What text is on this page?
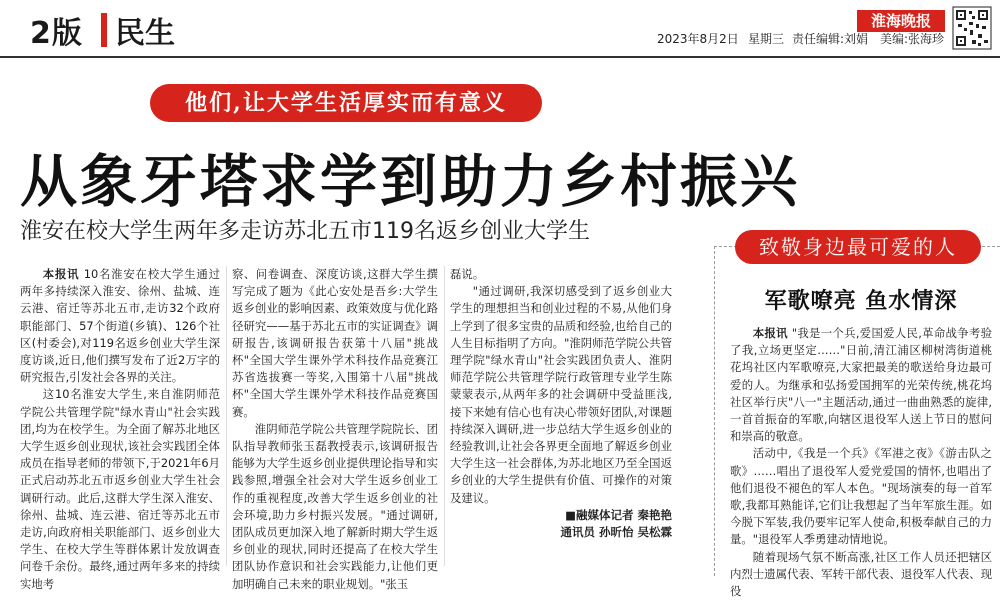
2版 民生	2023年8月2日 星期三 责任编辑:刘娟 美编:张海珍
淮海晚报
他们,让大学生活厚实而有意义
从象牙塔求学到助力乡村振兴
淮安在校大学生两年多走访苏北五市119名返乡创业大学生

本报讯 10名淮安在校大学生通过两年多持续深入淮安、徐州、盐城、连云港、宿迁等苏北五市,走访32个政府职能部门、57个街道(乡镇)、126个社区(村委会),对119名返乡创业大学生深度访谈,近日,他们撰写发布了近2万字的研究报告,引发社会各界的关注。

这10名淮安大学生,来自淮阴师范学院公共管理学院"绿水青山"社会实践团,均为在校学生。为全面了解苏北地区大学生返乡创业现状,该社会实践团全体成员在指导老师的带领下,于2021年6月正式启动苏北五市返乡创业大学生社会调研行动。此后,这群大学生深入淮安、徐州、盐城、连云港、宿迁等苏北五市走访,向政府相关职能部门、返乡创业大学生、在校大学生等群体累计发放调查问卷千余份。最终,通过两年多来的持续实地考

察、问卷调查、深度访谈,这群大学生撰写完成了题为《此心安处是吾乡:大学生返乡创业的影响因素、政策效度与优化路径研究——基于苏北五市的实证调查》调研报告,该调研报告获第十八届"挑战杯"全国大学生课外学术科技作品竞赛江苏省选拔赛一等奖,入围第十八届"挑战杯"全国大学生课外学术科技作品竞赛国赛。

淮阴师范学院公共管理学院院长、团队指导教师张玉磊教授表示,该调研报告能够为大学生返乡创业提供理论指导和实践参照,增强全社会对大学生返乡创业工作的重视程度,改善大学生返乡创业的社会环境,助力乡村振兴发展。"通过调研,团队成员更加深入地了解新时期大学生返乡创业的现状,同时还提高了在校大学生团队协作意识和社会实践能力,让他们更加明确自己未来的职业规划。"张玉

磊说。

"通过调研,我深切感受到了返乡创业大学生的理想担当和创业过程的不易,从他们身上学到了很多宝贵的品质和经验,也给自己的人生目标指明了方向。"淮阴师范学院公共管理学院"绿水青山"社会实践团负责人、淮阴师范学院公共管理学院行政管理专业学生陈蒙蒙表示,从两年多的社会调研中受益匪浅,接下来她有信心也有决心带领好团队,对课题持续深入调研,进一步总结大学生返乡创业的经验教训,让社会各界更全面地了解返乡创业大学生这一社会群体,为苏北地区乃至全国返乡创业的大学生提供有价值、可操作的对策及建议。

■融媒体记者 秦艳艳
通讯员 孙昕怡 吴松霖
致敬身边最可爱的人
军歌嘹亮 鱼水情深

本报讯 "我是一个兵,爱国爱人民,革命战争考验了我,立场更坚定……"日前,清江浦区柳树湾街道桃花坞社区内军歌嘹亮,大家把最美的歌送给身边最可爱的人。为继承和弘扬爱国拥军的光荣传统,桃花坞社区举行庆"八一"主题活动,通过一曲曲熟悉的旋律,一首首振奋的军歌,向辖区退役军人送上节日的慰问和崇高的敬意。

活动中,《我是一个兵》《军港之夜》《游击队之歌》……唱出了退役军人爱党爱国的情怀,也唱出了他们退役不褪色的军人本色。"现场演奏的每一首军歌,我都耳熟能详,它们让我想起了当年军旅生涯。如今脱下军装,我仍要牢记军人使命,积极奉献自己的力量。"退役军人季勇建动情地说。

随着现场气氛不断高涨,社区工作人员还把辖区内烈士遗属代表、军转干部代表、退役军人代表、现役
